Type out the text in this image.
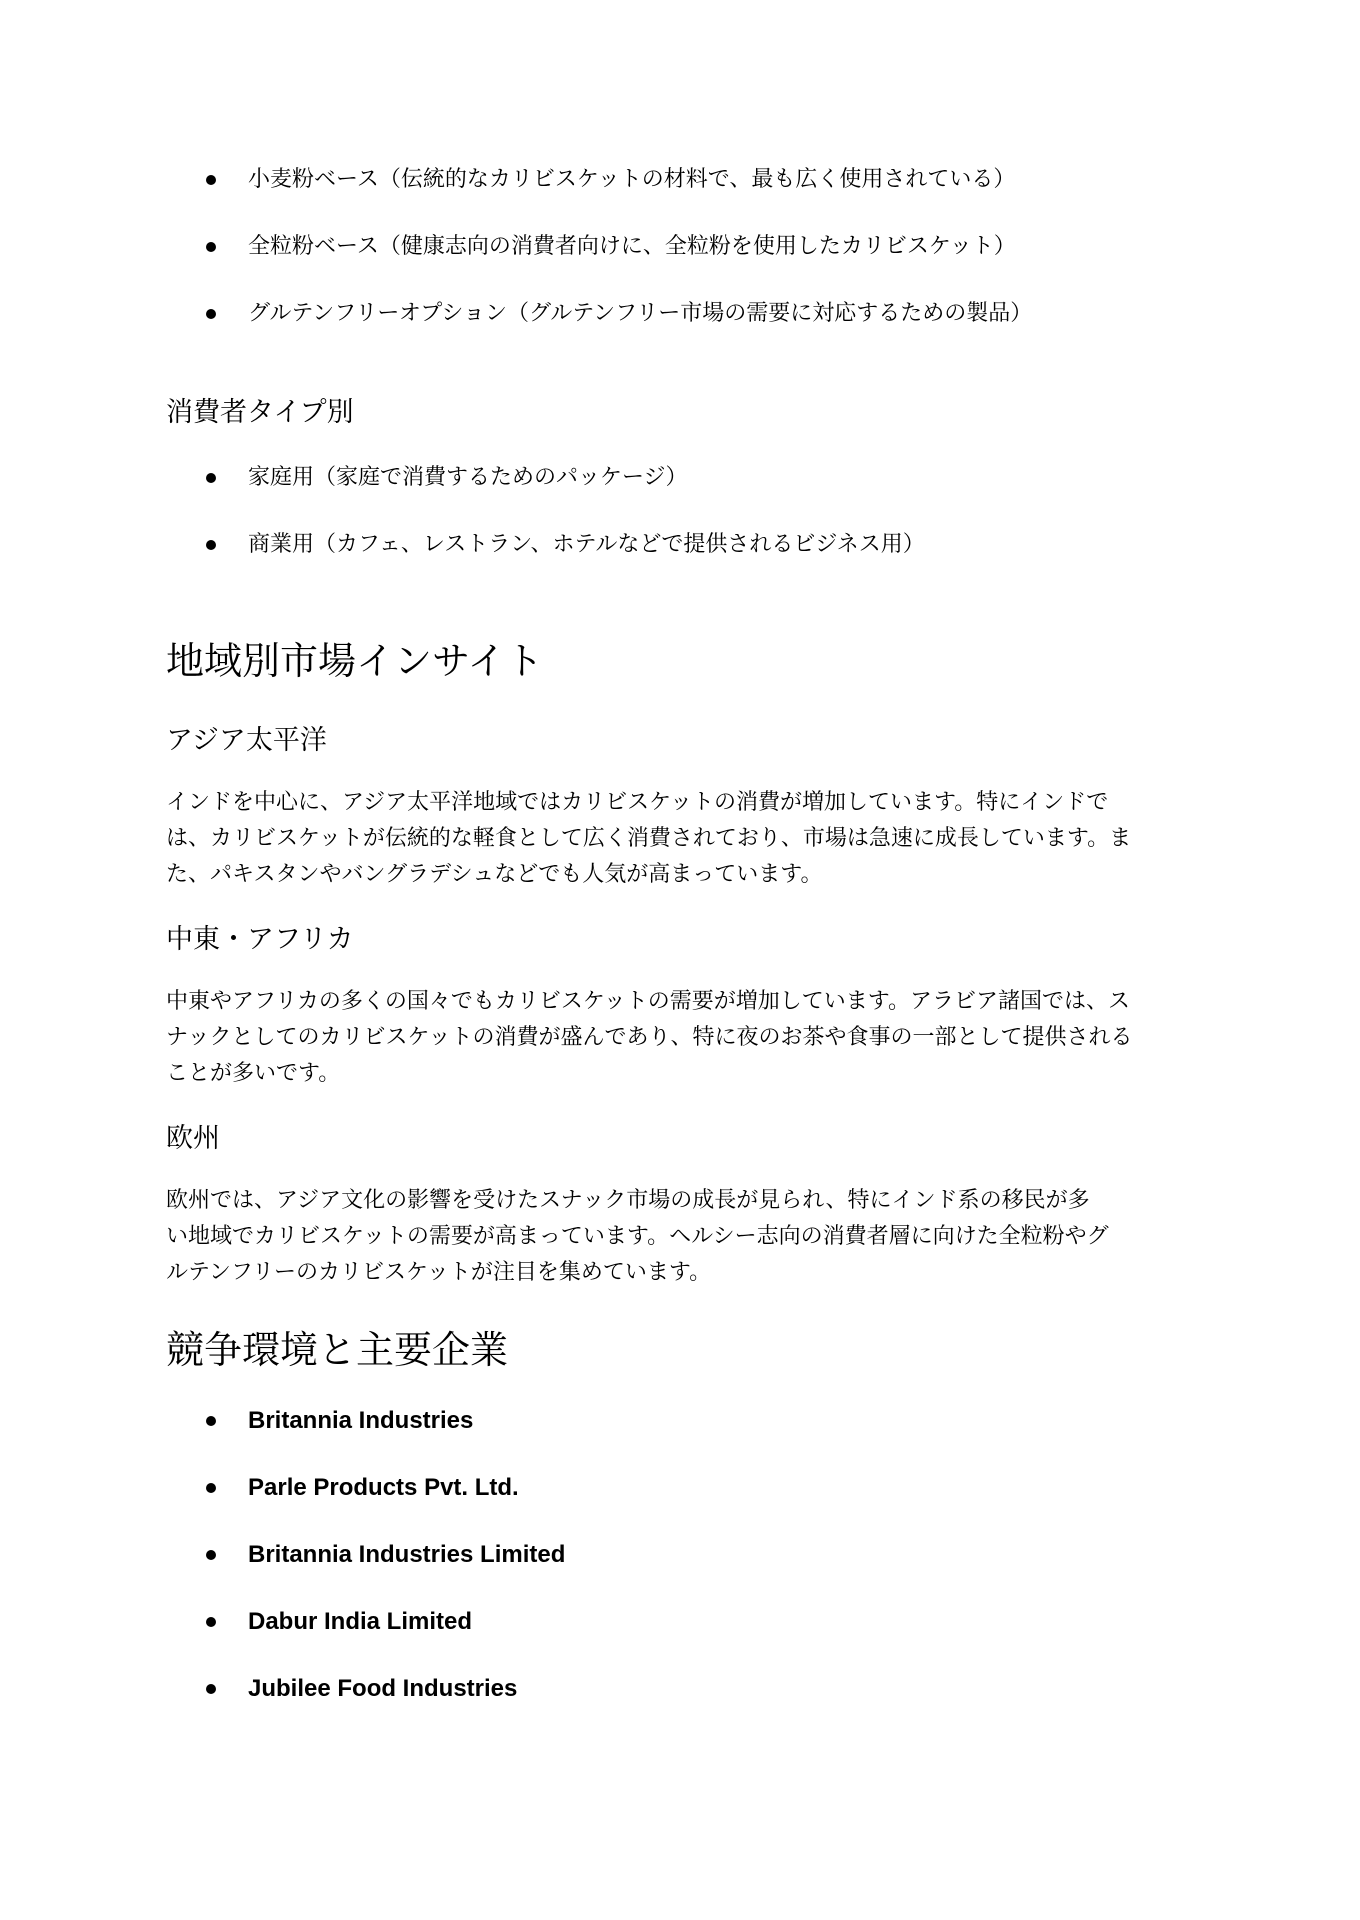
小麦粉ベース（伝統的なカリビスケットの材料で、最も広く使用されている）
全粒粉ベース（健康志向の消費者向けに、全粒粉を使用したカリビスケット）
グルテンフリーオプション（グルテンフリー市場の需要に対応するための製品）
消費者タイプ別
家庭用（家庭で消費するためのパッケージ）
商業用（カフェ、レストラン、ホテルなどで提供されるビジネス用）
地域別市場インサイト
アジア太平洋

インドを中心に、アジア太平洋地域ではカリビスケットの消費が増加しています。特にインドで
は、カリビスケットが伝統的な軽食として広く消費されており、市場は急速に成長しています。ま
た、パキスタンやバングラデシュなどでも人気が高まっています。

中東・アフリカ

中東やアフリカの多くの国々でもカリビスケットの需要が増加しています。アラビア諸国では、ス
ナックとしてのカリビスケットの消費が盛んであり、特に夜のお茶や食事の一部として提供される
ことが多いです。

欧州

欧州では、アジア文化の影響を受けたスナック市場の成長が見られ、特にインド系の移民が多
い地域でカリビスケットの需要が高まっています。ヘルシー志向の消費者層に向けた全粒粉やグ
ルテンフリーのカリビスケットが注目を集めています。

競争環境と主要企業
Britannia Industries
Parle Products Pvt. Ltd.
Britannia Industries Limited
Dabur India Limited
Jubilee Food Industries
